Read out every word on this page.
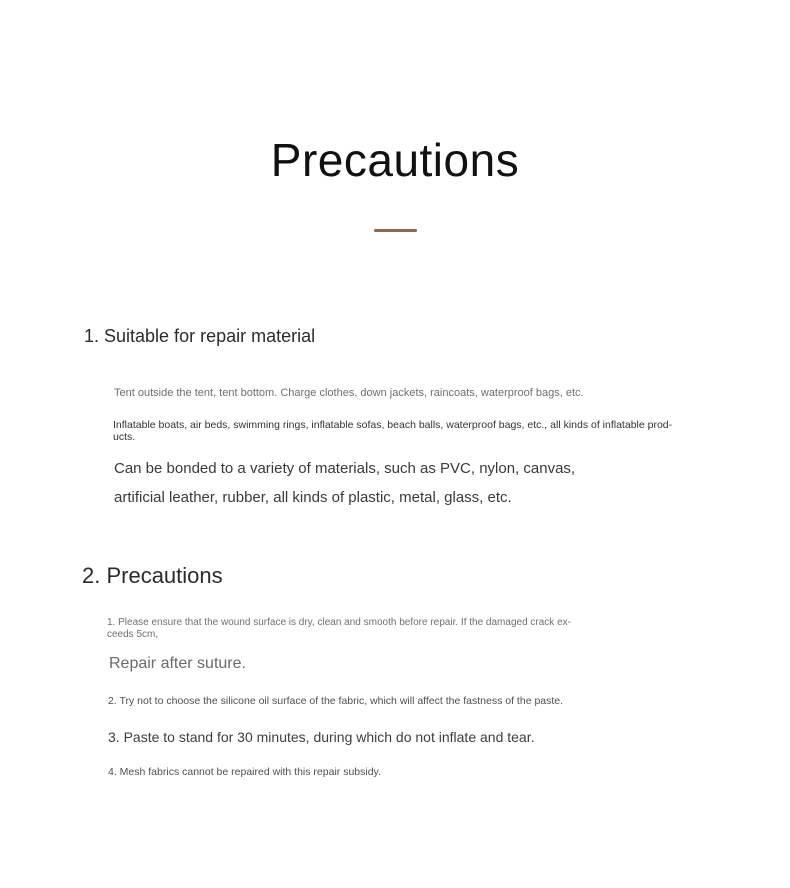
Precautions
1. Suitable for repair material
Tent outside the tent, tent bottom. Charge clothes, down jackets, raincoats, waterproof bags, etc.
Inflatable boats, air beds, swimming rings, inflatable sofas, beach balls, waterproof bags, etc., all kinds of inflatable prod-
ucts.
Can be bonded to a variety of materials, such as PVC, nylon, canvas,
artificial leather, rubber, all kinds of plastic, metal, glass, etc.
2. Precautions
1. Please ensure that the wound surface is dry, clean and smooth before repair. If the damaged crack ex-
ceeds 5cm,
Repair after suture.
2. Try not to choose the silicone oil surface of the fabric, which will affect the fastness of the paste.
3. Paste to stand for 30 minutes, during which do not inflate and tear.
4. Mesh fabrics cannot be repaired with this repair subsidy.
